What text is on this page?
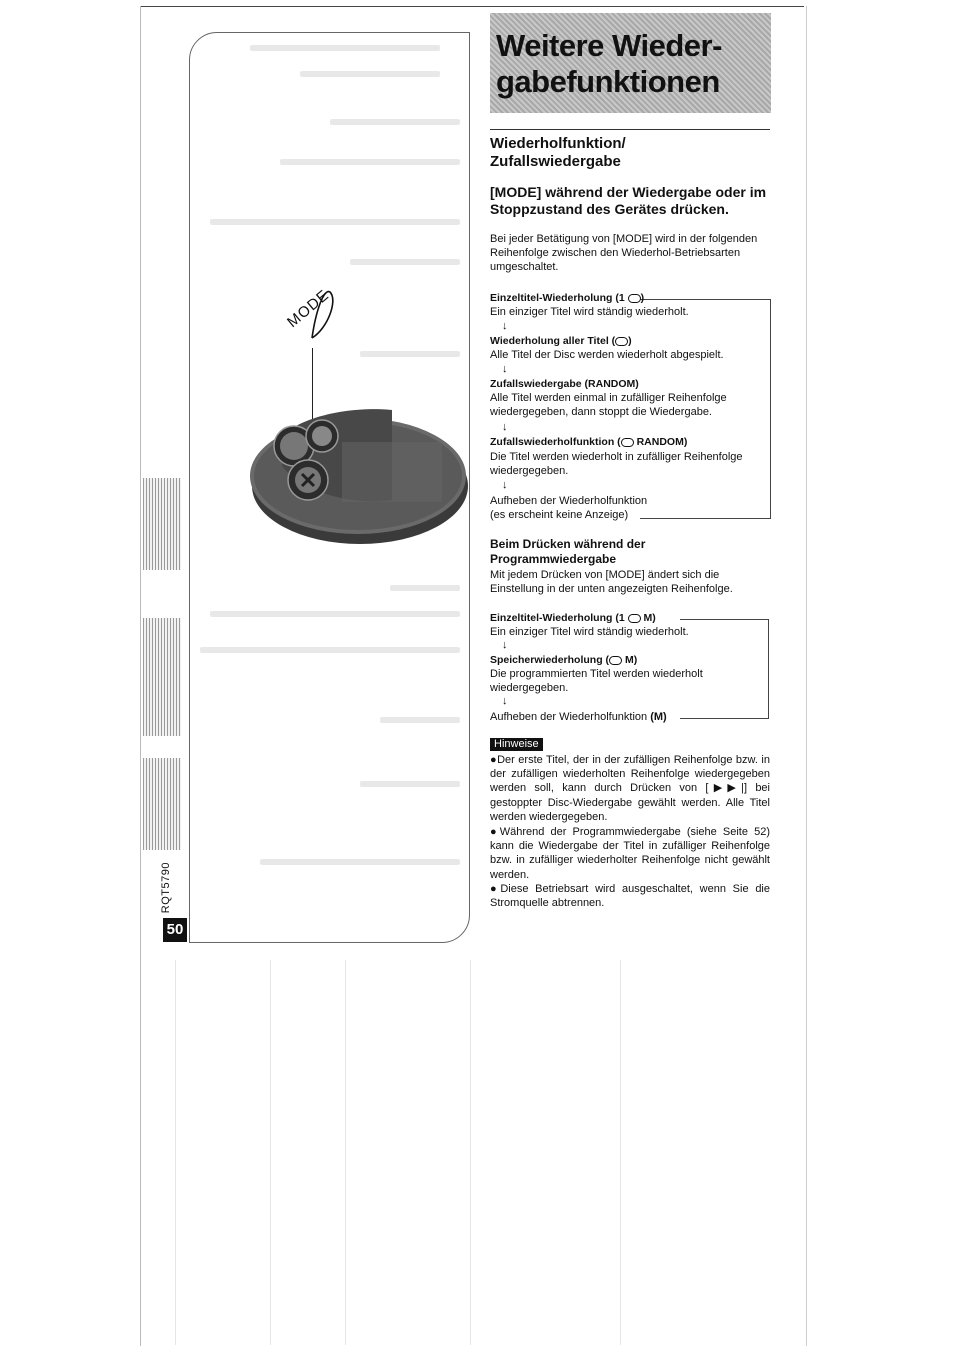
RQT5790
50
MODE
Weitere Wieder-gabefunktionen
Wiederholfunktion/
Zufallswiedergabe
[MODE] während der Wiedergabe oder im Stoppzustand des Gerätes drücken.
Bei jeder Betätigung von [MODE] wird in der folgenden Reihenfolge zwischen den Wiederhol-Betriebsarten umgeschaltet.
Einzeltitel-Wiederholung (1 )
Ein einziger Titel wird ständig wiederholt.
↓
Wiederholung aller Titel ( )
Alle Titel der Disc werden wiederholt abgespielt.
↓
Zufallswiedergabe (RANDOM)
Alle Titel werden einmal in zufälliger Reihenfolge wiedergegeben, dann stoppt die Wiedergabe.
↓
Zufallswiederholfunktion ( RANDOM)
Die Titel werden wiederholt in zufälliger Reihenfolge wiedergegeben.
↓
Aufheben der Wiederholfunktion
(es erscheint keine Anzeige)
Beim Drücken während der Programmwiedergabe
Mit jedem Drücken von [MODE] ändert sich die Einstellung in der unten angezeigten Reihenfolge.
Einzeltitel-Wiederholung (1  M)
Ein einziger Titel wird ständig wiederholt.
↓
Speicherwiederholung ( M)
Die programmierten Titel werden wiederholt wiedergegeben.
↓
Aufheben der Wiederholfunktion (M)
Hinweise
●Der erste Titel, der in der zufälligen Reihenfolge bzw. in der zufälligen wiederholten Reihenfolge wiedergegeben werden soll, kann durch Drücken von [▶▶|] bei gestoppter Disc-Wiedergabe gewählt werden. Alle Titel werden wiedergegeben.
●Während der Programmwiedergabe (siehe Seite 52) kann die Wiedergabe der Titel in zufälliger Reihenfolge bzw. in zufälliger wiederholter Reihenfolge nicht gewählt werden.
●Diese Betriebsart wird ausgeschaltet, wenn Sie die Stromquelle abtrennen.
